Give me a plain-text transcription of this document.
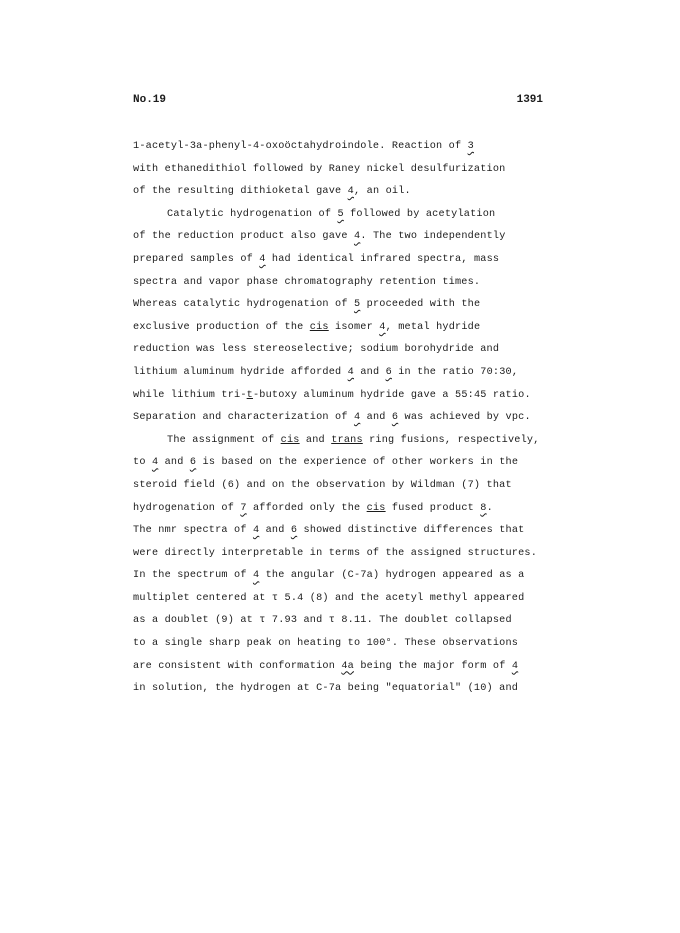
No.19	1391
1-acetyl-3a-phenyl-4-oxoöctahydroindole. Reaction of 3
with ethanedithiol followed by Raney nickel desulfurization
of the resulting dithioketal gave 4, an oil.
Catalytic hydrogenation of 5 followed by acetylation
of the reduction product also gave 4. The two independently
prepared samples of 4 had identical infrared spectra, mass
spectra and vapor phase chromatography retention times.
Whereas catalytic hydrogenation of 5 proceeded with the
exclusive production of the cis isomer 4, metal hydride
reduction was less stereoselective; sodium borohydride and
lithium aluminum hydride afforded 4 and 6 in the ratio 70:30,
while lithium tri-t-butoxy aluminum hydride gave a 55:45 ratio.
Separation and characterization of 4 and 6 was achieved by vpc.
The assignment of cis and trans ring fusions, respectively,
to 4 and 6 is based on the experience of other workers in the
steroid field (6) and on the observation by Wildman (7) that
hydrogenation of 7 afforded only the cis fused product 8.
The nmr spectra of 4 and 6 showed distinctive differences that
were directly interpretable in terms of the assigned structures.
In the spectrum of 4 the angular (C-7a) hydrogen appeared as a
multiplet centered at τ 5.4 (8) and the acetyl methyl appeared
as a doublet (9) at τ 7.93 and τ 8.11. The doublet collapsed
to a single sharp peak on heating to 100°. These observations
are consistent with conformation 4a being the major form of 4
in solution, the hydrogen at C-7a being "equatorial" (10) and
